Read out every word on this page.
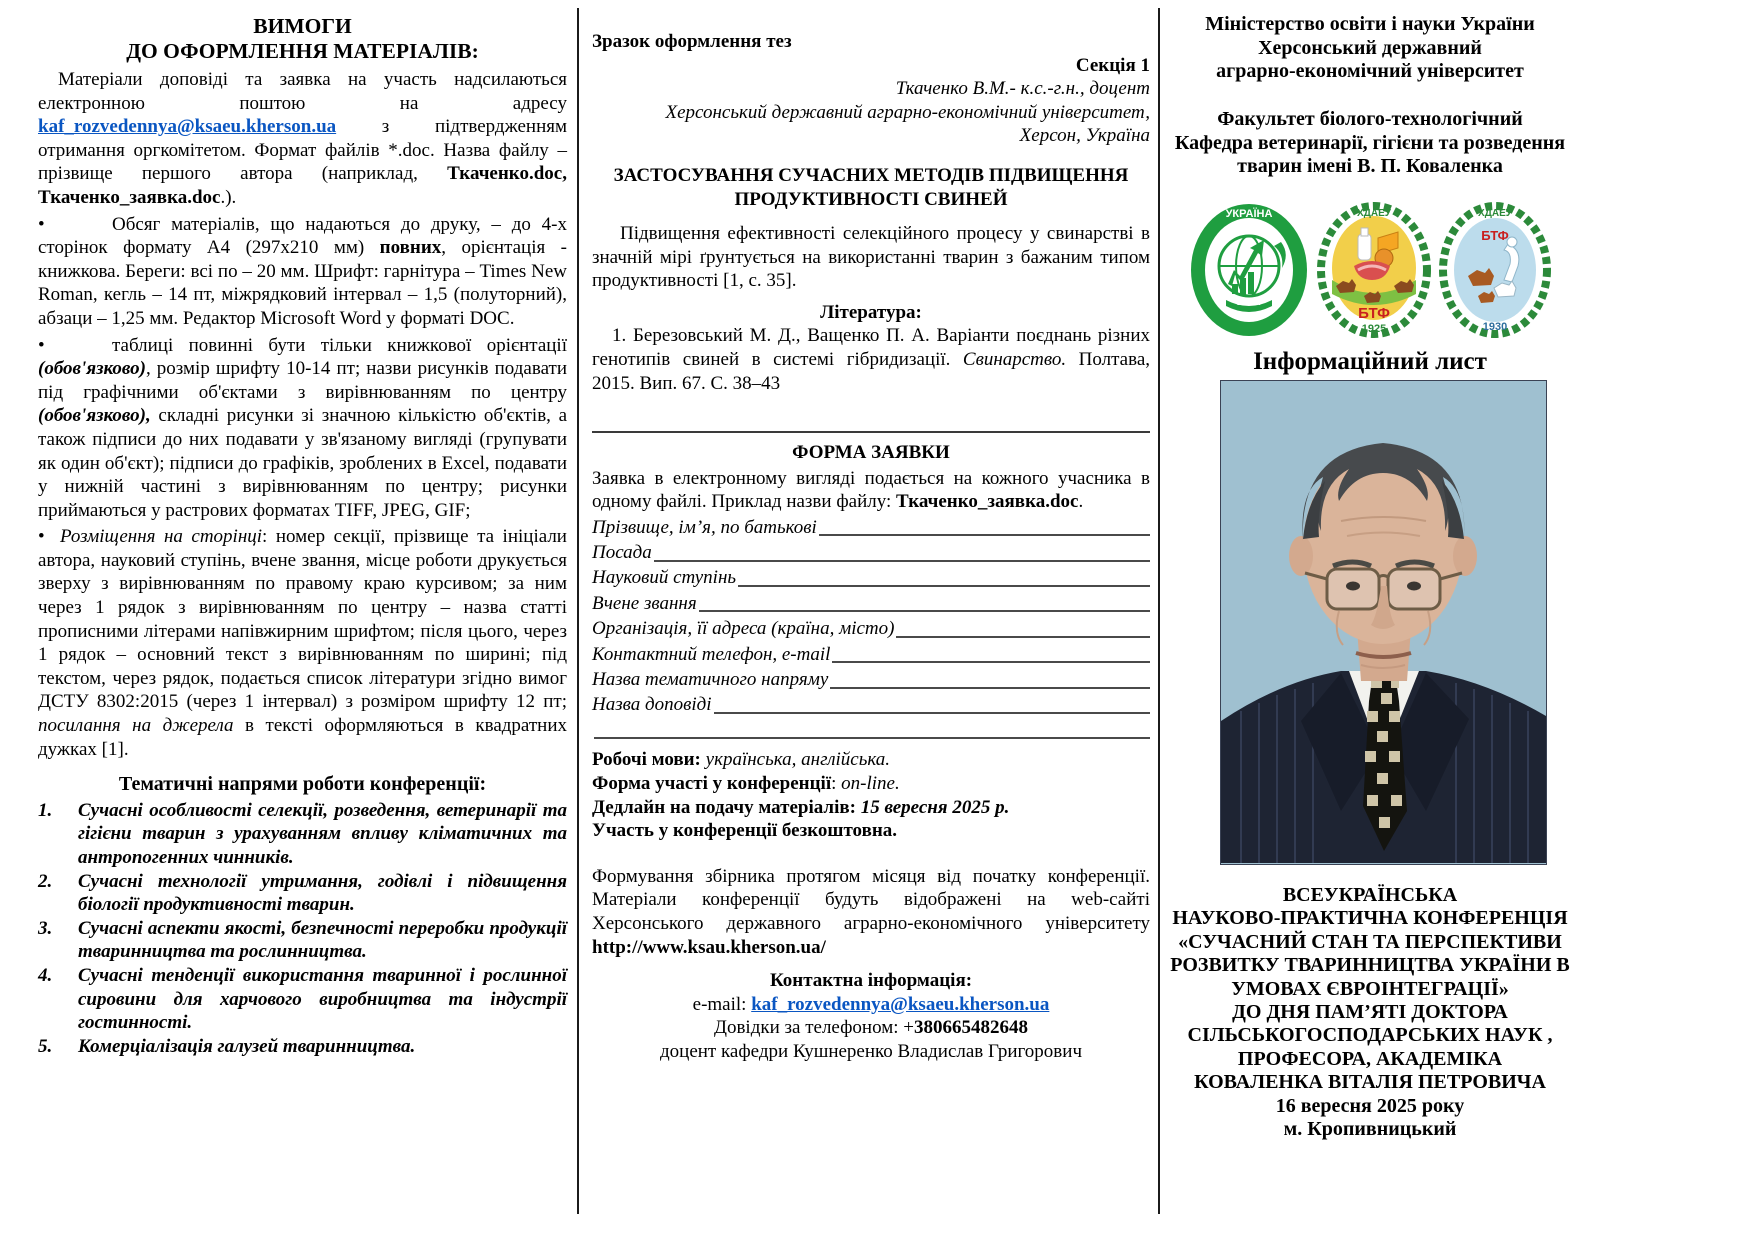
ВИМОГИ
ДО ОФОРМЛЕННЯ МАТЕРІАЛІВ:

Матеріали доповіді та заявка на участь надсилаються електронною поштою на адресу kaf_rozvedennya@ksaeu.kherson.ua з підтвердженням отримання оргкомітетом. Формат файлів *.doc. Назва файлу – прізвище першого автора (наприклад, Ткаченко.doc, Ткаченко_заявка.doc.).

•	Обсяг матеріалів, що надаються до друку, – до 4-х сторінок формату А4 (297х210 мм) повних, орієнтація - книжкова. Береги: всі по – 20 мм. Шрифт: гарнітура – Times New Roman, кегль – 14 пт, міжрядковий інтервал – 1,5 (полуторний), абзаци – 1,25 мм. Редактор Microsoft Word у форматі DOC.

•	таблиці повинні бути тільки книжкової орієнтації (обов'язково), розмір шрифту 10-14 пт; назви рисунків подавати під графічними об'єктами з вирівнюванням по центру (обов'язково), складні рисунки зі значною кількістю об'єктів, а також підписи до них подавати у зв'язаному вигляді (групувати як один об'єкт); підписи до графіків, зроблених в Excel, подавати у нижній частині з вирівнюванням по центру; рисунки приймаються у растрових форматах TIFF, JPEG, GIF;

• Розміщення на сторінці: номер секції, прізвище та ініціали автора, науковий ступінь, вчене звання, місце роботи друкується зверху з вирівнюванням по правому краю курсивом; за ним через 1 рядок з вирівнюванням по центру – назва статті прописними літерами напівжирним шрифтом; після цього, через 1 рядок – основний текст з вирівнюванням по ширині; під текстом, через рядок, подається список літератури згідно вимог ДСТУ 8302:2015 (через 1 інтервал) з розміром шрифту 12 пт; посилання на джерела в тексті оформляються в квадратних дужках [1].

Тематичні напрями роботи конференції:
1.	Сучасні особливості селекції, розведення, ветеринарії та гігієни тварин з урахуванням впливу кліматичних та антропогенних чинників.
2.	Сучасні технології утримання, годівлі і підвищення біології продуктивності тварин.
3.	Сучасні аспекти якості, безпечності переробки продукції тваринництва та рослинництва.
4.	Сучасні тенденції використання тваринної і рослинної сировини для харчового виробництва та індустрії гостинності.
5.	Комерціалізація галузей тваринництва.

Зразок оформлення тез

Секція 1

Ткаченко В.М.- к.с.-г.н., доцент

Херсонський державний аграрно-економічний університет,

Херсон, Україна

ЗАСТОСУВАННЯ СУЧАСНИХ МЕТОДІВ ПІДВИЩЕННЯ
ПРОДУКТИВНОСТІ СВИНЕЙ

Підвищення ефективності селекційного процесу у свинарстві в значній мірі ґрунтується на використанні тварин з бажаним типом продуктивності [1, с. 35].

Література:

1. Березовський М. Д., Ващенко П. А. Варіанти поєднань різних генотипів свиней в системі гібридизації. Свинарство. Полтава, 2015. Вип. 67. С. 38–43

ФОРМА ЗАЯВКИ

Заявка в електронному вигляді подається на кожного учасника в одному файлі. Приклад назви файлу: Ткаченко_заявка.doc.

Прізвище, ім’я, по батькові
Посада
Науковий ступінь
Вчене звання
Організація, її адреса (країна, місто)
Контактний телефон, e-mail
Назва тематичного напряму
Назва доповіді

Робочі мови: українська, англійська.

Форма участі у конференції: on-line.

Дедлайн на подачу матеріалів: 15 вересня 2025 р.

Участь у конференції безкоштовна.

Формування збірника протягом місяця від початку конференції. Матеріали конференції будуть відображені на web-сайті Херсонського державного аграрно-економічного університету http://www.ksau.kherson.ua/

Контактна інформація:

e-mail: kaf_rozvedennya@ksaeu.kherson.ua

Довідки за телефоном: +380665482648

доцент кафедри Кушнеренко Владислав Григорович

Міністерство освіти і науки України
Херсонський державний
аграрно-економічний університет
Факультет біолого-технологічний
Кафедра ветеринарії, гігієни та розведення
тварин імені В. П. Коваленка
УКРАЇНА
1874
ХДАЕУ
БТФ
1925
ХДАЕУ
БТФ
1930
Інформаційний лист
ВСЕУКРАЇНСЬКА
НАУКОВО-ПРАКТИЧНА КОНФЕРЕНЦІЯ
«СУЧАСНИЙ СТАН ТА ПЕРСПЕКТИВИ
РОЗВИТКУ ТВАРИННИЦТВА УКРАЇНИ В
УМОВАХ ЄВРОІНТЕГРАЦІЇ»
ДО ДНЯ ПАМ’ЯТІ ДОКТОРА
СІЛЬСЬКОГОСПОДАРСЬКИХ НАУК ,
ПРОФЕСОРА, АКАДЕМІКА
КОВАЛЕНКА ВІТАЛІЯ ПЕТРОВИЧА
16 вересня 2025 року
м. Кропивницький
